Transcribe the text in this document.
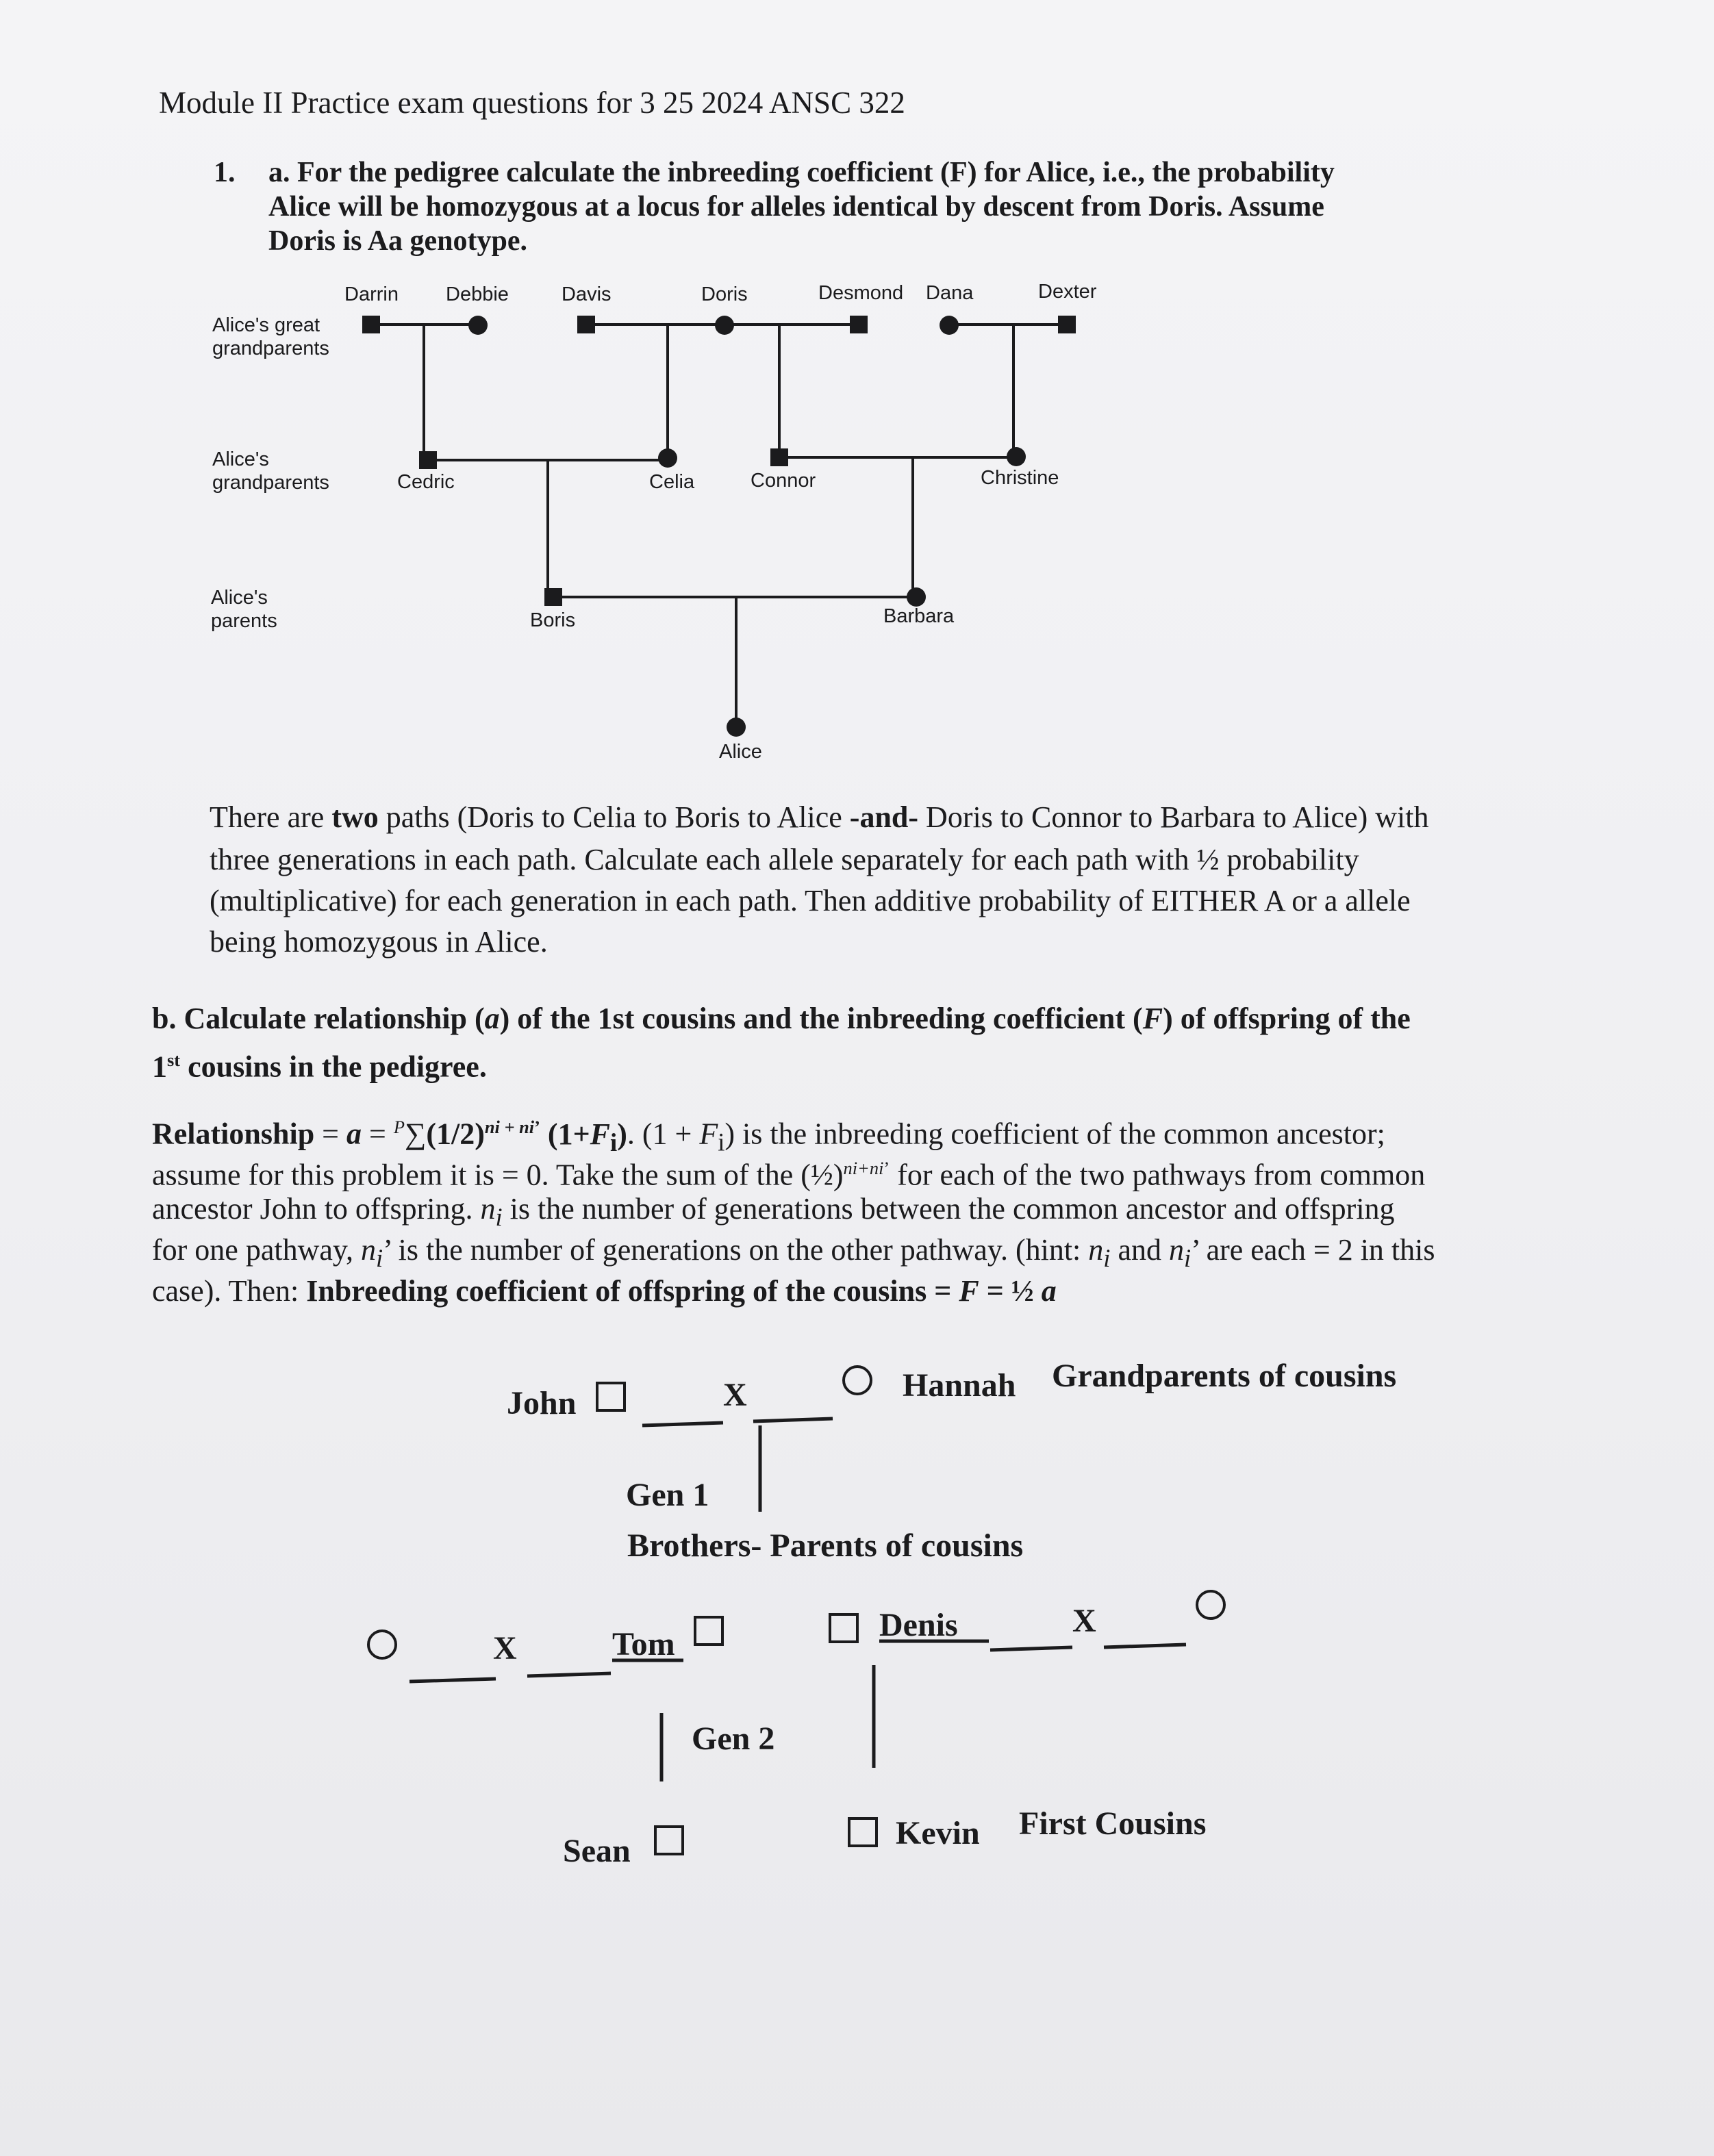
Module II Practice exam questions for 3 25 2024 ANSC 322
1. a. For the pedigree calculate the inbreeding coefficient (F) for Alice, i.e., the probability
Alice will be homozygous at a locus for alleles identical by descent from Doris. Assume
Doris is Aa genotype.
Darrin Debbie	Davis	Doris	Desmond Dana	Dexter
Alice's great
grandparents
Alice's
grandparents
Alice's
parents
Cedric	Celia	Connor	Christine
Boris	Barbara
Alice
There are two paths (Doris to Celia to Boris to Alice -and- Doris to Connor to Barbara to Alice) with
three generations in each path. Calculate each allele separately for each path with ½ probability
(multiplicative) for each generation in each path. Then additive probability of EITHER A or a allele
being homozygous in Alice.
b. Calculate relationship (a) of the 1st cousins and the inbreeding coefficient (F) of offspring of the
1st cousins in the pedigree.
Relationship = $a = ^P\sum(1/2)^{ni + ni’}$ $(1+F_i)$. $(1 + F_i)$ is the inbreeding coefficient of the common ancestor;
assume for this problem it is = 0. Take the sum of the (½)$^{ni+ni’}$ for each of the two pathways from common
ancestor John to offspring. $n_i$ is the number of generations between the common ancestor and offspring
for one pathway, $n_i$’ is the number of generations on the other pathway. (hint: $n_i$ and $n_i$’ are each = 2 in this
case). Then: Inbreeding coefficient of offspring of the cousins = F = ½ a
John	X	Hannah Grandparents of cousins
Gen 1
Brothers- Parents of cousins
X	Tom
Denis	X
Gen 2
Sean	Kevin First Cousins
